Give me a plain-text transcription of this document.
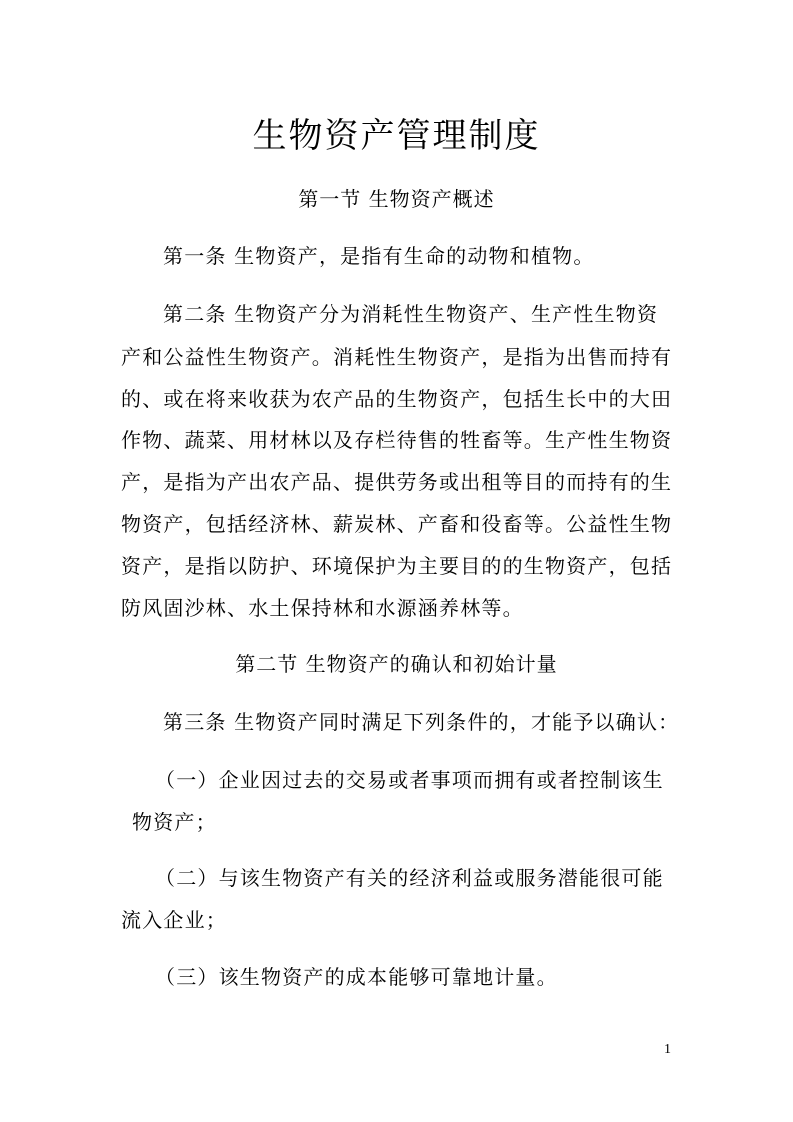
生物资产管理制度
第一节 生物资产概述
第一条 生物资产，是指有生命的动物和植物。
第二条 生物资产分为消耗性生物资产、生产性生物资
产和公益性生物资产。消耗性生物资产，是指为出售而持有
的、或在将来收获为农产品的生物资产，包括生长中的大田
作物、蔬菜、用材林以及存栏待售的牲畜等。生产性生物资
产，是指为产出农产品、提供劳务或出租等目的而持有的生
物资产，包括经济林、薪炭林、产畜和役畜等。公益性生物
资产，是指以防护、环境保护为主要目的的生物资产，包括
防风固沙林、水土保持林和水源涵养林等。
第二节 生物资产的确认和初始计量
第三条 生物资产同时满足下列条件的，才能予以确认：
（一）企业因过去的交易或者事项而拥有或者控制该生
物资产；
（二）与该生物资产有关的经济利益或服务潜能很可能
流入企业；
（三）该生物资产的成本能够可靠地计量。
1
